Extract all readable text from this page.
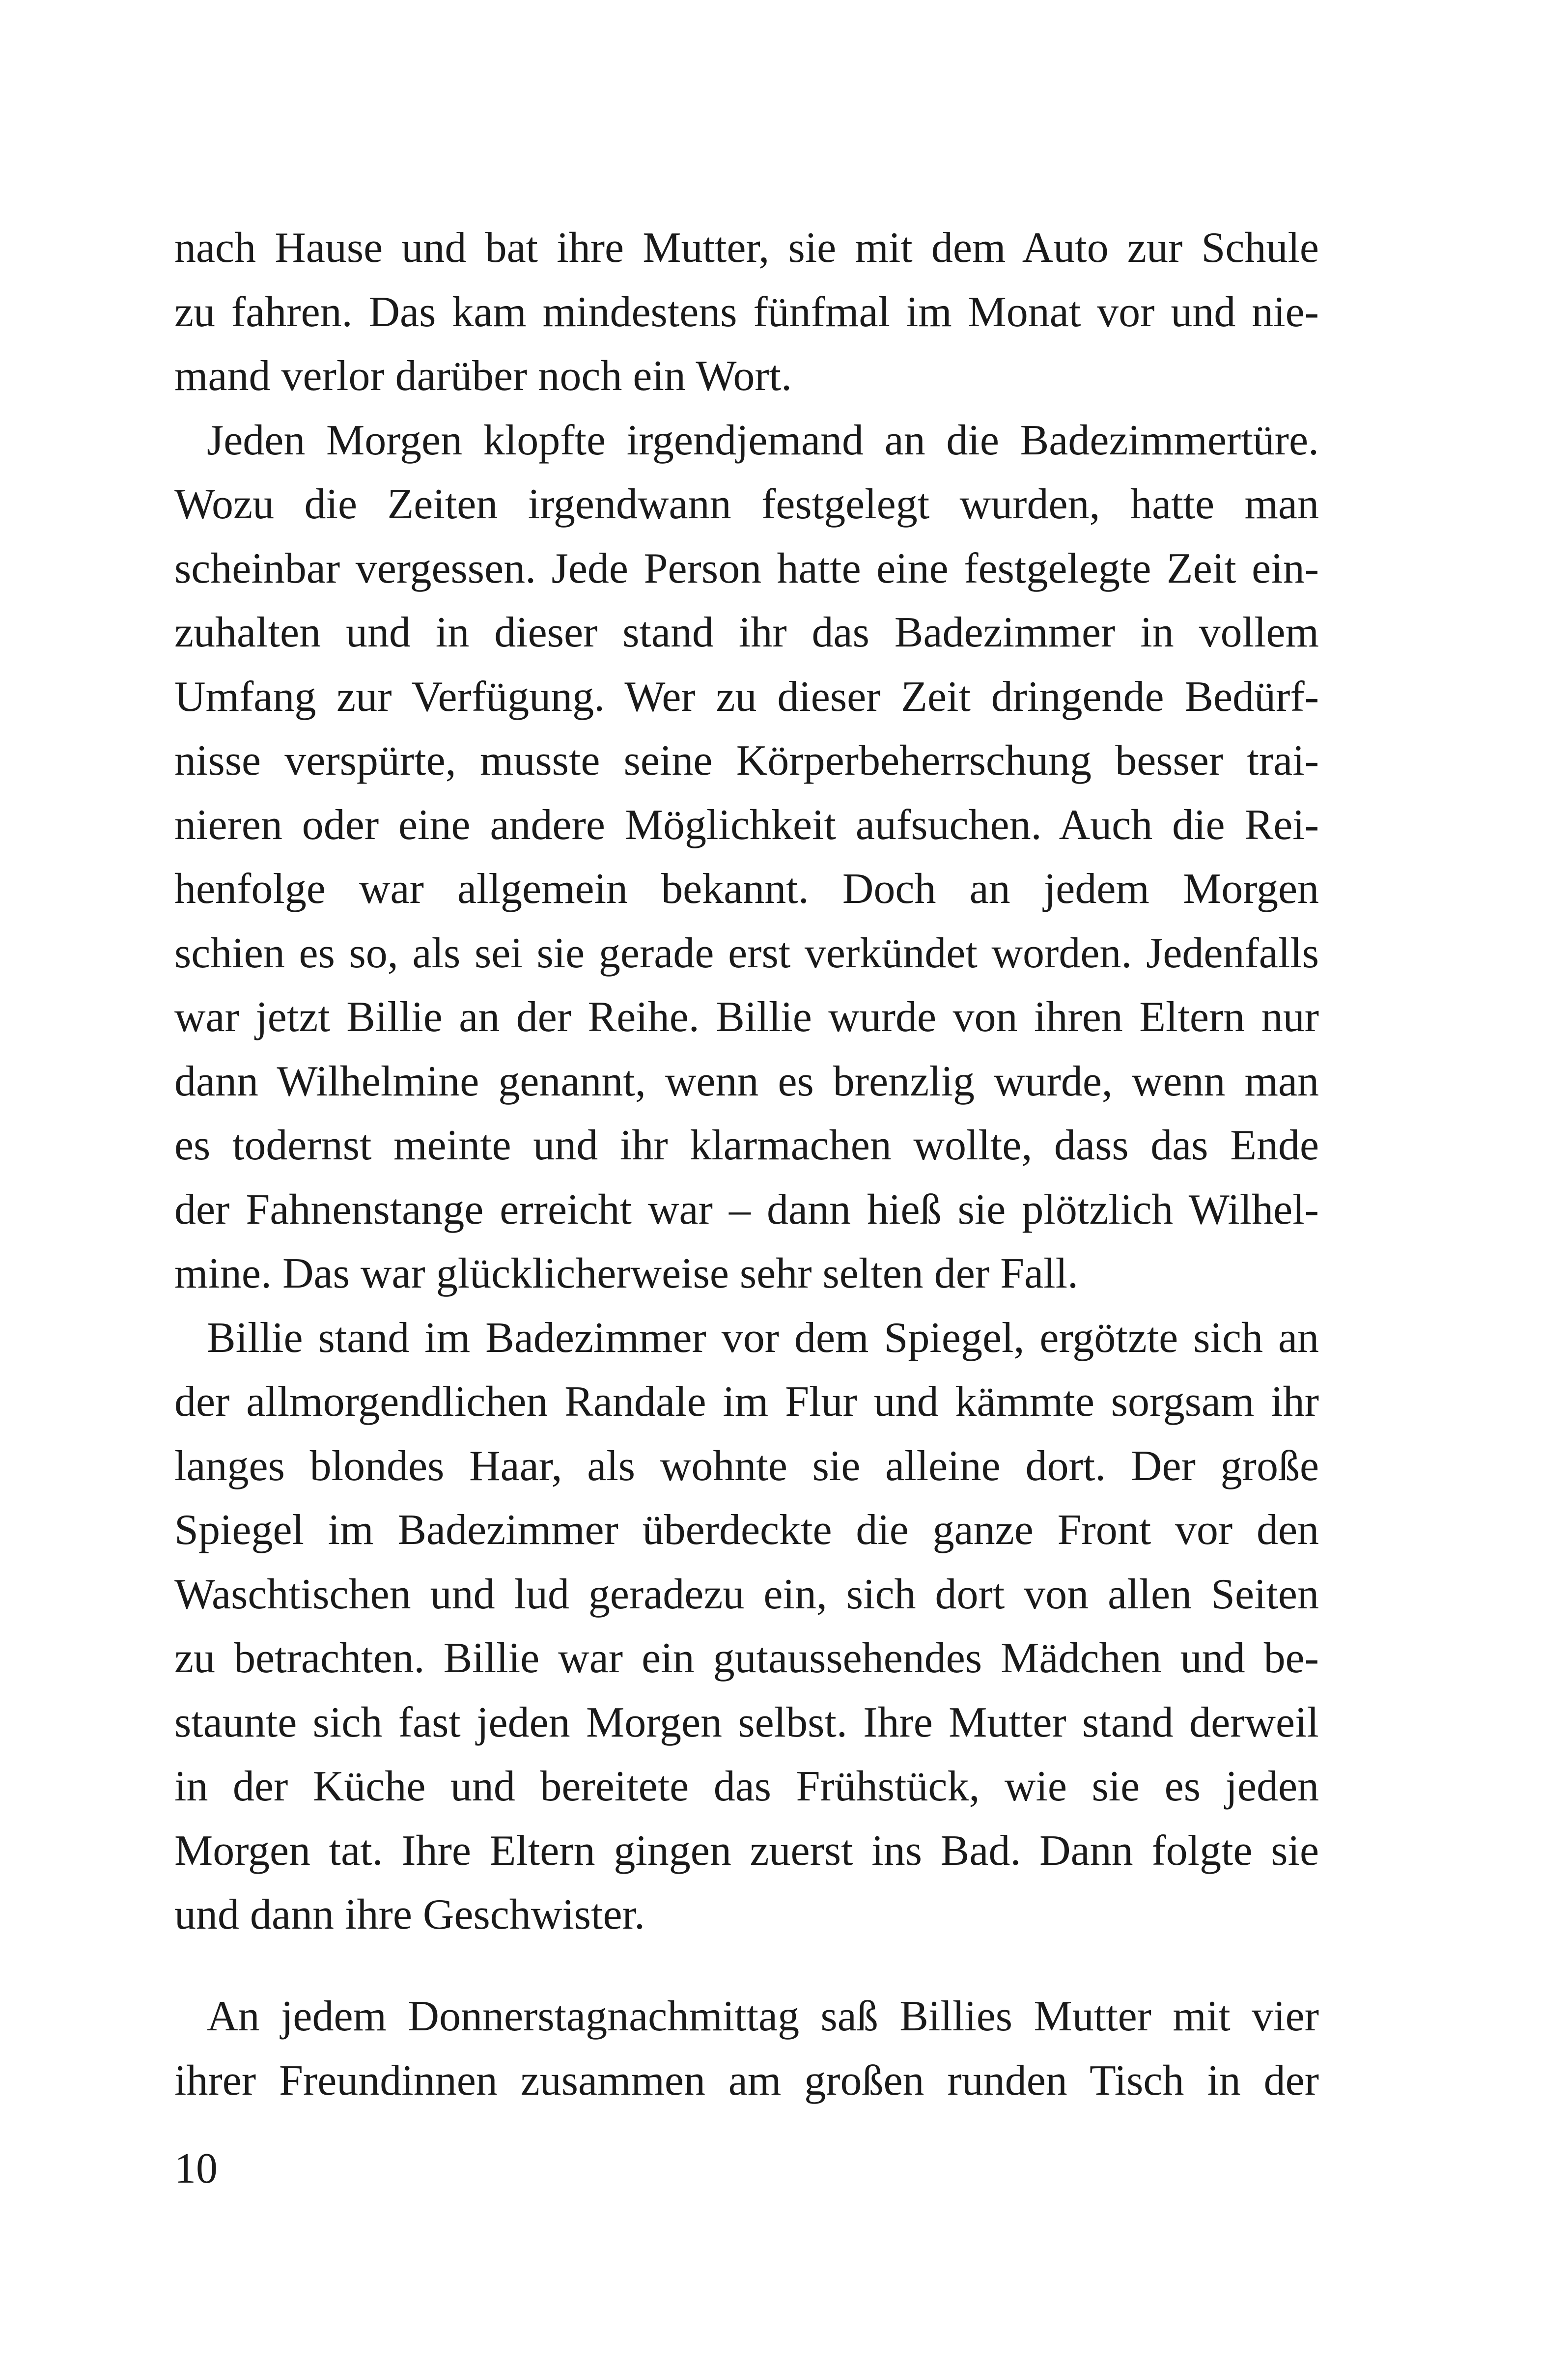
nach Hause und bat ihre Mutter, sie mit dem Auto zur Schule

zu fahren. Das kam mindestens fünfmal im Monat vor und nie-

mand verlor darüber noch ein Wort.

Jeden Morgen klopfte irgendjemand an die Badezimmertüre.

Wozu die Zeiten irgendwann festgelegt wurden, hatte man

scheinbar vergessen. Jede Person hatte eine festgelegte Zeit ein-

zuhalten und in dieser stand ihr das Badezimmer in vollem

Umfang zur Verfügung. Wer zu dieser Zeit dringende Bedürf-

nisse verspürte, musste seine Körperbeherrschung besser trai-

nieren oder eine andere Möglichkeit aufsuchen. Auch die Rei-

henfolge war allgemein bekannt. Doch an jedem Morgen

schien es so, als sei sie gerade erst verkündet worden. Jedenfalls

war jetzt Billie an der Reihe. Billie wurde von ihren Eltern nur

dann Wilhelmine genannt, wenn es brenzlig wurde, wenn man

es todernst meinte und ihr klarmachen wollte, dass das Ende

der Fahnenstange erreicht war – dann hieß sie plötzlich Wilhel-

mine. Das war glücklicherweise sehr selten der Fall.

Billie stand im Badezimmer vor dem Spiegel, ergötzte sich an

der allmorgendlichen Randale im Flur und kämmte sorgsam ihr

langes blondes Haar, als wohnte sie alleine dort. Der große

Spiegel im Badezimmer überdeckte die ganze Front vor den

Waschtischen und lud geradezu ein, sich dort von allen Seiten

zu betrachten. Billie war ein gutaussehendes Mädchen und be-

staunte sich fast jeden Morgen selbst. Ihre Mutter stand derweil

in der Küche und bereitete das Frühstück, wie sie es jeden

Morgen tat. Ihre Eltern gingen zuerst ins Bad. Dann folgte sie

und dann ihre Geschwister.

An jedem Donnerstagnachmittag saß Billies Mutter mit vier

ihrer Freundinnen zusammen am großen runden Tisch in der

10
